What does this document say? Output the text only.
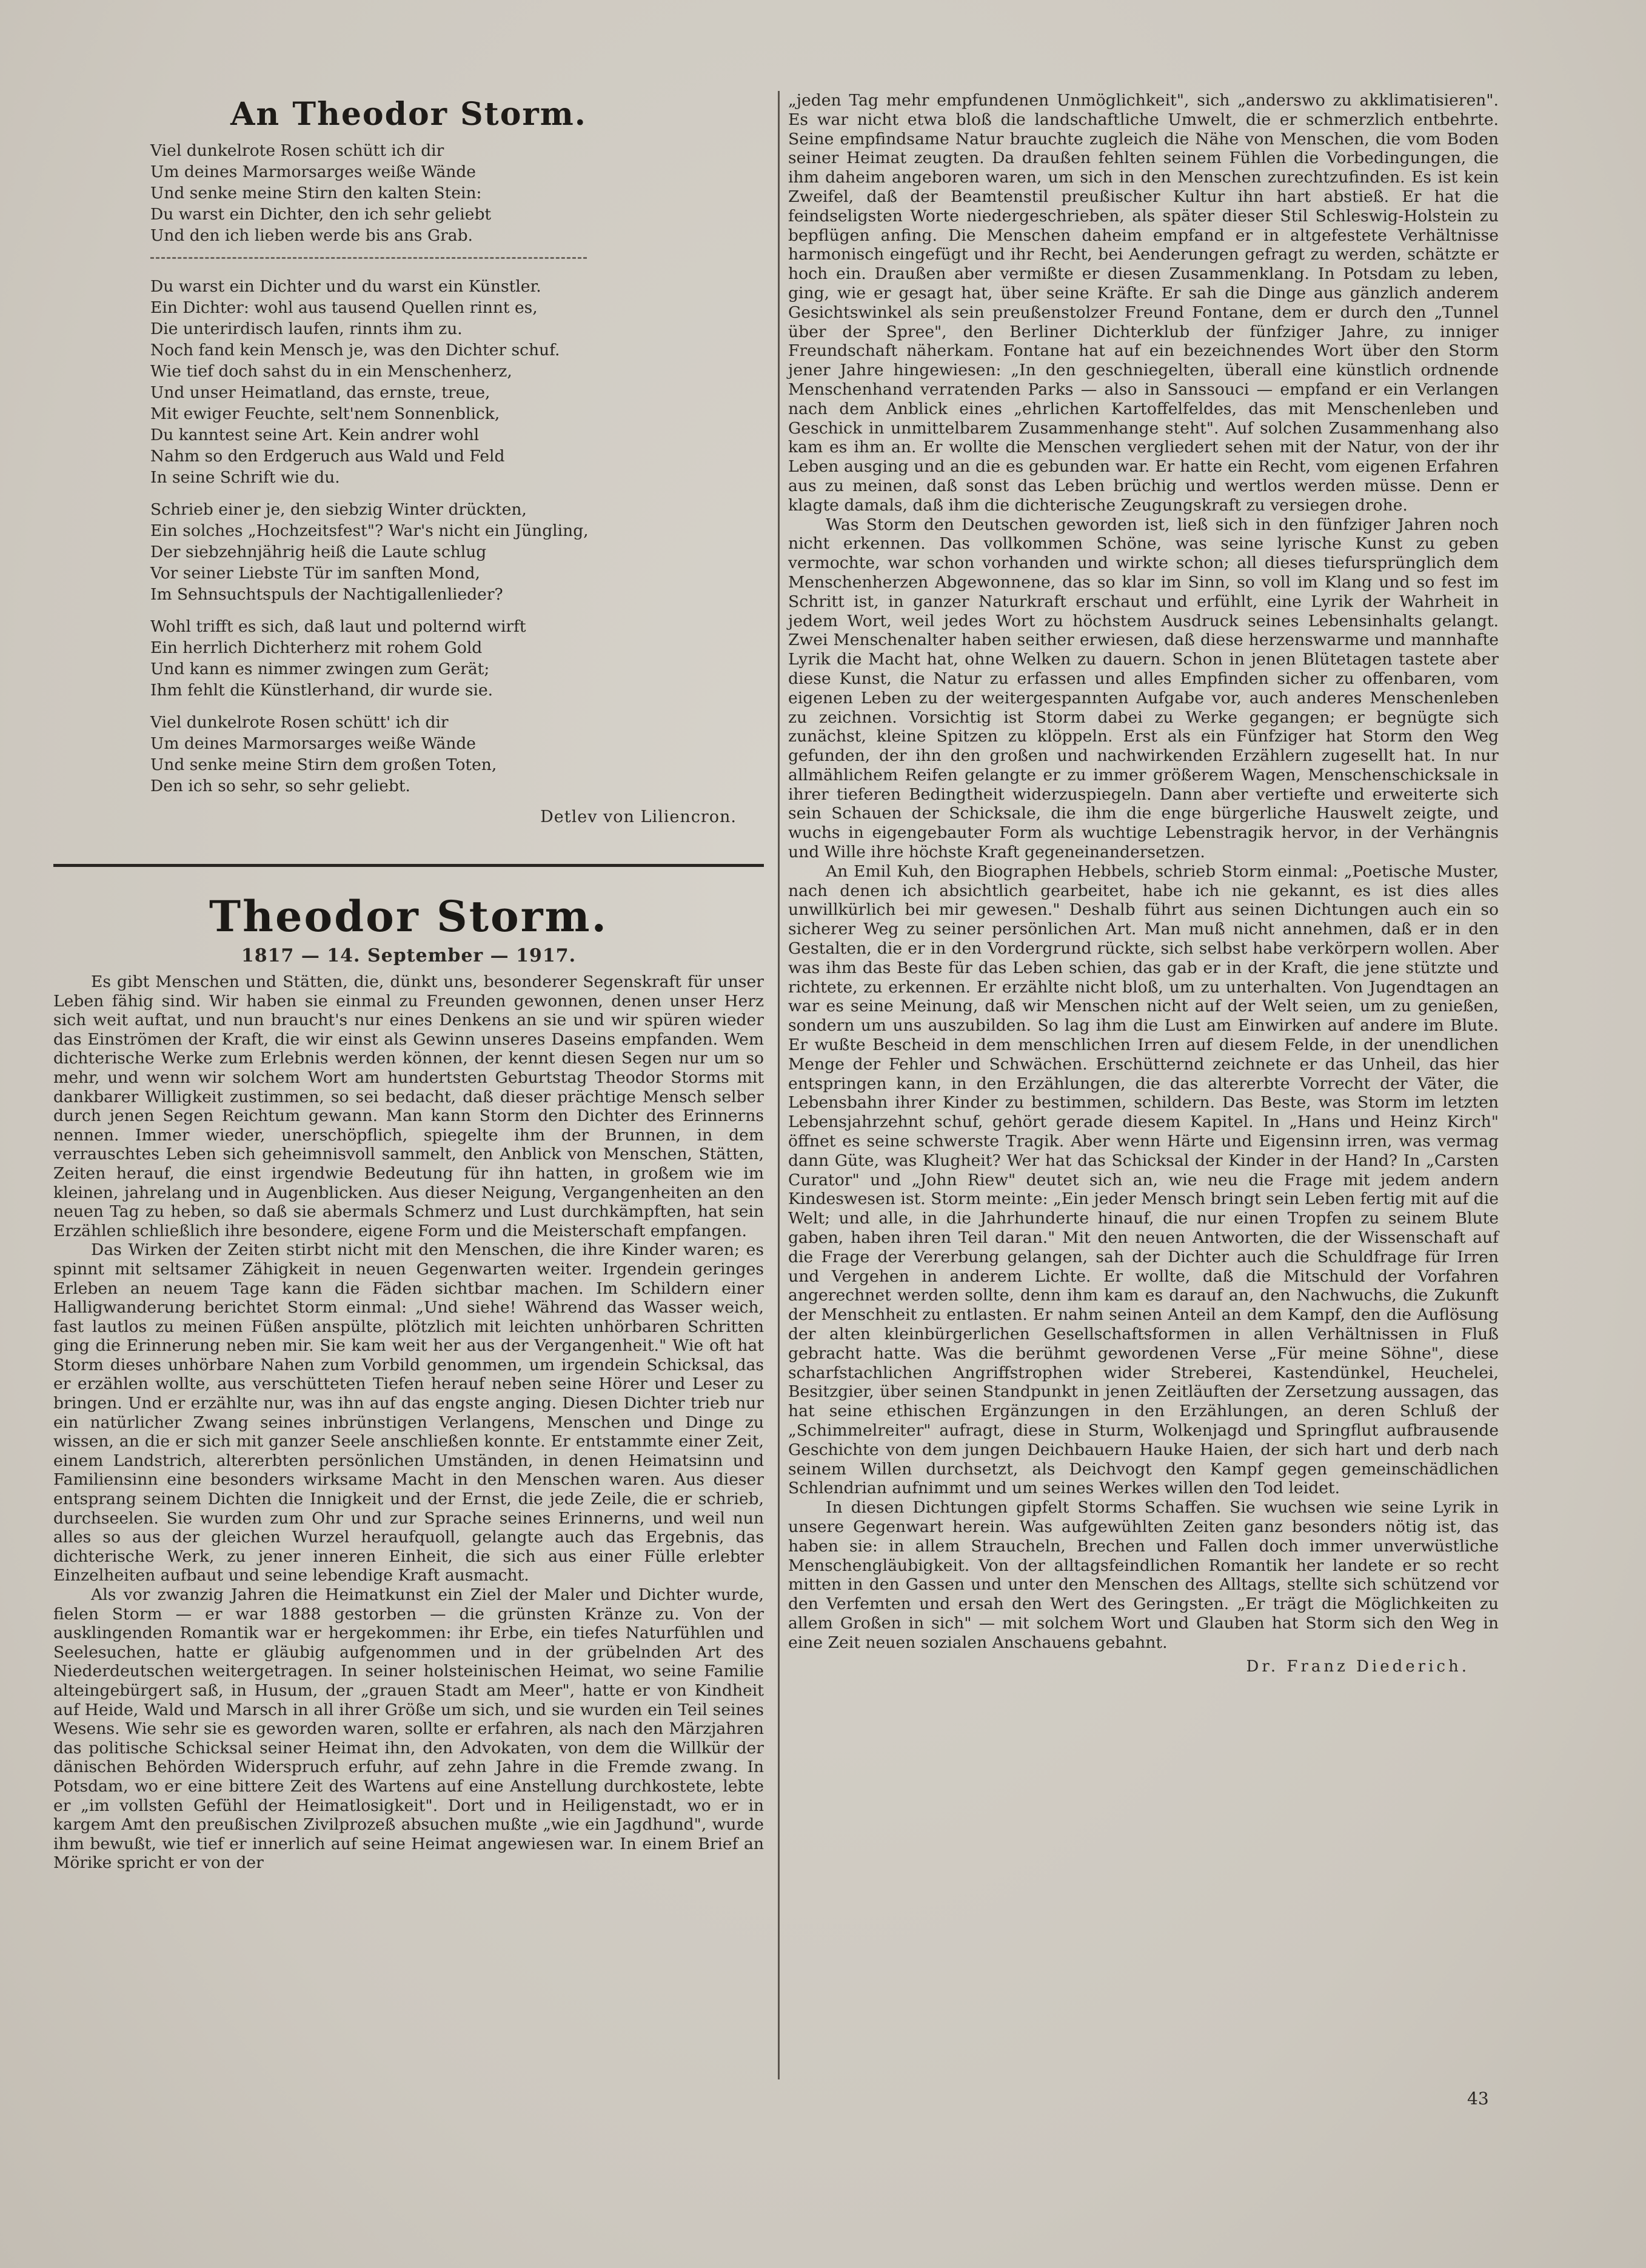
An Theodor Storm.
Viel dunkelrote Rosen schütt ich dir
Um deines Marmorsarges weiße Wände
Und senke meine Stirn den kalten Stein:
Du warst ein Dichter, den ich sehr geliebt
Und den ich lieben werde bis ans Grab.
Du warst ein Dichter und du warst ein Künstler.
Ein Dichter: wohl aus tausend Quellen rinnt es,
Die unterirdisch laufen, rinnts ihm zu.
Noch fand kein Mensch je, was den Dichter schuf.
Wie tief doch sahst du in ein Menschenherz,
Und unser Heimatland, das ernste, treue,
Mit ewiger Feuchte, selt'nem Sonnenblick,
Du kanntest seine Art. Kein andrer wohl
Nahm so den Erdgeruch aus Wald und Feld
In seine Schrift wie du.
Schrieb einer je, den siebzig Winter drückten,
Ein solches „Hochzeitsfest"? War's nicht ein Jüngling,
Der siebzehnjährig heiß die Laute schlug
Vor seiner Liebste Tür im sanften Mond,
Im Sehnsuchtspuls der Nachtigallenlieder?
Wohl trifft es sich, daß laut und polternd wirft
Ein herrlich Dichterherz mit rohem Gold
Und kann es nimmer zwingen zum Gerät;
Ihm fehlt die Künstlerhand, dir wurde sie.
Viel dunkelrote Rosen schütt' ich dir
Um deines Marmorsarges weiße Wände
Und senke meine Stirn dem großen Toten,
Den ich so sehr, so sehr geliebt.
Detlev von Liliencron.
Theodor Storm.
1817 — 14. September — 1917.

Es gibt Menschen und Stätten, die, dünkt uns, besonderer Segenskraft für unser Leben fähig sind. Wir haben sie einmal zu Freunden gewonnen, denen unser Herz sich weit auftat, und nun braucht's nur eines Denkens an sie und wir spüren wieder das Einströmen der Kraft, die wir einst als Gewinn unseres Daseins empfanden. Wem dichterische Werke zum Erlebnis werden können, der kennt diesen Segen nur um so mehr, und wenn wir solchem Wort am hundertsten Geburtstag Theodor Storms mit dankbarer Willigkeit zustimmen, so sei bedacht, daß dieser prächtige Mensch selber durch jenen Segen Reichtum gewann. Man kann Storm den Dichter des Erinnerns nennen. Immer wieder, unerschöpflich, spiegelte ihm der Brunnen, in dem verrauschtes Leben sich geheimnisvoll sammelt, den Anblick von Menschen, Stätten, Zeiten herauf, die einst irgendwie Bedeutung für ihn hatten, in großem wie im kleinen, jahrelang und in Augenblicken. Aus dieser Neigung, Vergangenheiten an den neuen Tag zu heben, so daß sie abermals Schmerz und Lust durchkämpften, hat sein Erzählen schließlich ihre besondere, eigene Form und die Meisterschaft empfangen.

Das Wirken der Zeiten stirbt nicht mit den Menschen, die ihre Kinder waren; es spinnt mit seltsamer Zähigkeit in neuen Gegenwarten weiter. Irgendein geringes Erleben an neuem Tage kann die Fäden sichtbar machen. Im Schildern einer Halligwanderung berichtet Storm einmal: „Und siehe! Während das Wasser weich, fast lautlos zu meinen Füßen anspülte, plötzlich mit leichten unhörbaren Schritten ging die Erinnerung neben mir. Sie kam weit her aus der Vergangenheit." Wie oft hat Storm dieses unhörbare Nahen zum Vorbild genommen, um irgendein Schicksal, das er erzählen wollte, aus verschütteten Tiefen herauf neben seine Hörer und Leser zu bringen. Und er erzählte nur, was ihn auf das engste anging. Diesen Dichter trieb nur ein natürlicher Zwang seines inbrünstigen Verlangens, Menschen und Dinge zu wissen, an die er sich mit ganzer Seele anschließen konnte. Er entstammte einer Zeit, einem Landstrich, altererbten persönlichen Umständen, in denen Heimatsinn und Familiensinn eine besonders wirksame Macht in den Menschen waren. Aus dieser entsprang seinem Dichten die Innigkeit und der Ernst, die jede Zeile, die er schrieb, durchseelen. Sie wurden zum Ohr und zur Sprache seines Erinnerns, und weil nun alles so aus der gleichen Wurzel heraufquoll, gelangte auch das Ergebnis, das dichterische Werk, zu jener inneren Einheit, die sich aus einer Fülle erlebter Einzelheiten aufbaut und seine lebendige Kraft ausmacht.

Als vor zwanzig Jahren die Heimatkunst ein Ziel der Maler und Dichter wurde, fielen Storm — er war 1888 gestorben — die grünsten Kränze zu. Von der ausklingenden Romantik war er hergekommen: ihr Erbe, ein tiefes Naturfühlen und Seelesuchen, hatte er gläubig aufgenommen und in der grübelnden Art des Niederdeutschen weitergetragen. In seiner holsteinischen Heimat, wo seine Familie alteingebürgert saß, in Husum, der „grauen Stadt am Meer", hatte er von Kindheit auf Heide, Wald und Marsch in all ihrer Größe um sich, und sie wurden ein Teil seines Wesens. Wie sehr sie es geworden waren, sollte er erfahren, als nach den Märzjahren das politische Schicksal seiner Heimat ihn, den Advokaten, von dem die Willkür der dänischen Behörden Widerspruch erfuhr, auf zehn Jahre in die Fremde zwang. In Potsdam, wo er eine bittere Zeit des Wartens auf eine Anstellung durchkostete, lebte er „im vollsten Gefühl der Heimatlosigkeit". Dort und in Heiligenstadt, wo er in kargem Amt den preußischen Zivilprozeß absuchen mußte „wie ein Jagdhund", wurde ihm bewußt, wie tief er innerlich auf seine Heimat angewiesen war. In einem Brief an Mörike spricht er von der

„jeden Tag mehr empfundenen Unmöglichkeit", sich „anderswo zu akklimatisieren". Es war nicht etwa bloß die landschaftliche Umwelt, die er schmerzlich entbehrte. Seine empfindsame Natur brauchte zugleich die Nähe von Menschen, die vom Boden seiner Heimat zeugten. Da draußen fehlten seinem Fühlen die Vorbedingungen, die ihm daheim angeboren waren, um sich in den Menschen zurechtzufinden. Es ist kein Zweifel, daß der Beamtenstil preußischer Kultur ihn hart abstieß. Er hat die feindseligsten Worte niedergeschrieben, als später dieser Stil Schleswig-Holstein zu bepflügen anfing. Die Menschen daheim empfand er in altgefestete Verhältnisse harmonisch eingefügt und ihr Recht, bei Aenderungen gefragt zu werden, schätzte er hoch ein. Draußen aber vermißte er diesen Zusammenklang. In Potsdam zu leben, ging, wie er gesagt hat, über seine Kräfte. Er sah die Dinge aus gänzlich anderem Gesichtswinkel als sein preußenstolzer Freund Fontane, dem er durch den „Tunnel über der Spree", den Berliner Dichterklub der fünfziger Jahre, zu inniger Freundschaft näherkam. Fontane hat auf ein bezeichnendes Wort über den Storm jener Jahre hingewiesen: „In den geschniegelten, überall eine künstlich ordnende Menschenhand verratenden Parks — also in Sanssouci — empfand er ein Verlangen nach dem Anblick eines „ehrlichen Kartoffelfeldes, das mit Menschenleben und Geschick in unmittelbarem Zusammenhange steht". Auf solchen Zusammenhang also kam es ihm an. Er wollte die Menschen vergliedert sehen mit der Natur, von der ihr Leben ausging und an die es gebunden war. Er hatte ein Recht, vom eigenen Erfahren aus zu meinen, daß sonst das Leben brüchig und wertlos werden müsse. Denn er klagte damals, daß ihm die dichterische Zeugungskraft zu versiegen drohe.

Was Storm den Deutschen geworden ist, ließ sich in den fünfziger Jahren noch nicht erkennen. Das vollkommen Schöne, was seine lyrische Kunst zu geben vermochte, war schon vorhanden und wirkte schon; all dieses tiefursprünglich dem Menschenherzen Abgewonnene, das so klar im Sinn, so voll im Klang und so fest im Schritt ist, in ganzer Naturkraft erschaut und erfühlt, eine Lyrik der Wahrheit in jedem Wort, weil jedes Wort zu höchstem Ausdruck seines Lebensinhalts gelangt. Zwei Menschenalter haben seither erwiesen, daß diese herzenswarme und mannhafte Lyrik die Macht hat, ohne Welken zu dauern. Schon in jenen Blütetagen tastete aber diese Kunst, die Natur zu erfassen und alles Empfinden sicher zu offenbaren, vom eigenen Leben zu der weitergespannten Aufgabe vor, auch anderes Menschenleben zu zeichnen. Vorsichtig ist Storm dabei zu Werke gegangen; er begnügte sich zunächst, kleine Spitzen zu klöppeln. Erst als ein Fünfziger hat Storm den Weg gefunden, der ihn den großen und nachwirkenden Erzählern zugesellt hat. In nur allmählichem Reifen gelangte er zu immer größerem Wagen, Menschenschicksale in ihrer tieferen Bedingtheit widerzuspiegeln. Dann aber vertiefte und erweiterte sich sein Schauen der Schicksale, die ihm die enge bürgerliche Hauswelt zeigte, und wuchs in eigengebauter Form als wuchtige Lebenstragik hervor, in der Verhängnis und Wille ihre höchste Kraft gegeneinandersetzen.

An Emil Kuh, den Biographen Hebbels, schrieb Storm einmal: „Poetische Muster, nach denen ich absichtlich gearbeitet, habe ich nie gekannt, es ist dies alles unwillkürlich bei mir gewesen." Deshalb führt aus seinen Dichtungen auch ein so sicherer Weg zu seiner persönlichen Art. Man muß nicht annehmen, daß er in den Gestalten, die er in den Vordergrund rückte, sich selbst habe verkörpern wollen. Aber was ihm das Beste für das Leben schien, das gab er in der Kraft, die jene stützte und richtete, zu erkennen. Er erzählte nicht bloß, um zu unterhalten. Von Jugendtagen an war es seine Meinung, daß wir Menschen nicht auf der Welt seien, um zu genießen, sondern um uns auszubilden. So lag ihm die Lust am Einwirken auf andere im Blute. Er wußte Bescheid in dem menschlichen Irren auf diesem Felde, in der unendlichen Menge der Fehler und Schwächen. Erschütternd zeichnete er das Unheil, das hier entspringen kann, in den Erzählungen, die das altererbte Vorrecht der Väter, die Lebensbahn ihrer Kinder zu bestimmen, schildern. Das Beste, was Storm im letzten Lebensjahrzehnt schuf, gehört gerade diesem Kapitel. In „Hans und Heinz Kirch" öffnet es seine schwerste Tragik. Aber wenn Härte und Eigensinn irren, was vermag dann Güte, was Klugheit? Wer hat das Schicksal der Kinder in der Hand? In „Carsten Curator" und „John Riew" deutet sich an, wie neu die Frage mit jedem andern Kindeswesen ist. Storm meinte: „Ein jeder Mensch bringt sein Leben fertig mit auf die Welt; und alle, in die Jahrhunderte hinauf, die nur einen Tropfen zu seinem Blute gaben, haben ihren Teil daran." Mit den neuen Antworten, die der Wissenschaft auf die Frage der Vererbung gelangen, sah der Dichter auch die Schuldfrage für Irren und Vergehen in anderem Lichte. Er wollte, daß die Mitschuld der Vorfahren angerechnet werden sollte, denn ihm kam es darauf an, den Nachwuchs, die Zukunft der Menschheit zu entlasten. Er nahm seinen Anteil an dem Kampf, den die Auflösung der alten kleinbürgerlichen Gesellschaftsformen in allen Verhältnissen in Fluß gebracht hatte. Was die berühmt gewordenen Verse „Für meine Söhne", diese scharfstachlichen Angriffstrophen wider Streberei, Kastendünkel, Heuchelei, Besitzgier, über seinen Standpunkt in jenen Zeitläuften der Zersetzung aussagen, das hat seine ethischen Ergänzungen in den Erzählungen, an deren Schluß der „Schimmelreiter" aufragt, diese in Sturm, Wolkenjagd und Springflut aufbrausende Geschichte von dem jungen Deichbauern Hauke Haien, der sich hart und derb nach seinem Willen durchsetzt, als Deichvogt den Kampf gegen gemeinschädlichen Schlendrian aufnimmt und um seines Werkes willen den Tod leidet.

In diesen Dichtungen gipfelt Storms Schaffen. Sie wuchsen wie seine Lyrik in unsere Gegenwart herein. Was aufgewühlten Zeiten ganz besonders nötig ist, das haben sie: in allem Straucheln, Brechen und Fallen doch immer unverwüstliche Menschengläubigkeit. Von der alltagsfeindlichen Romantik her landete er so recht mitten in den Gassen und unter den Menschen des Alltags, stellte sich schützend vor den Verfemten und ersah den Wert des Geringsten. „Er trägt die Möglichkeiten zu allem Großen in sich" — mit solchem Wort und Glauben hat Storm sich den Weg in eine Zeit neuen sozialen Anschauens gebahnt.

Dr. Franz Diederich.
43
